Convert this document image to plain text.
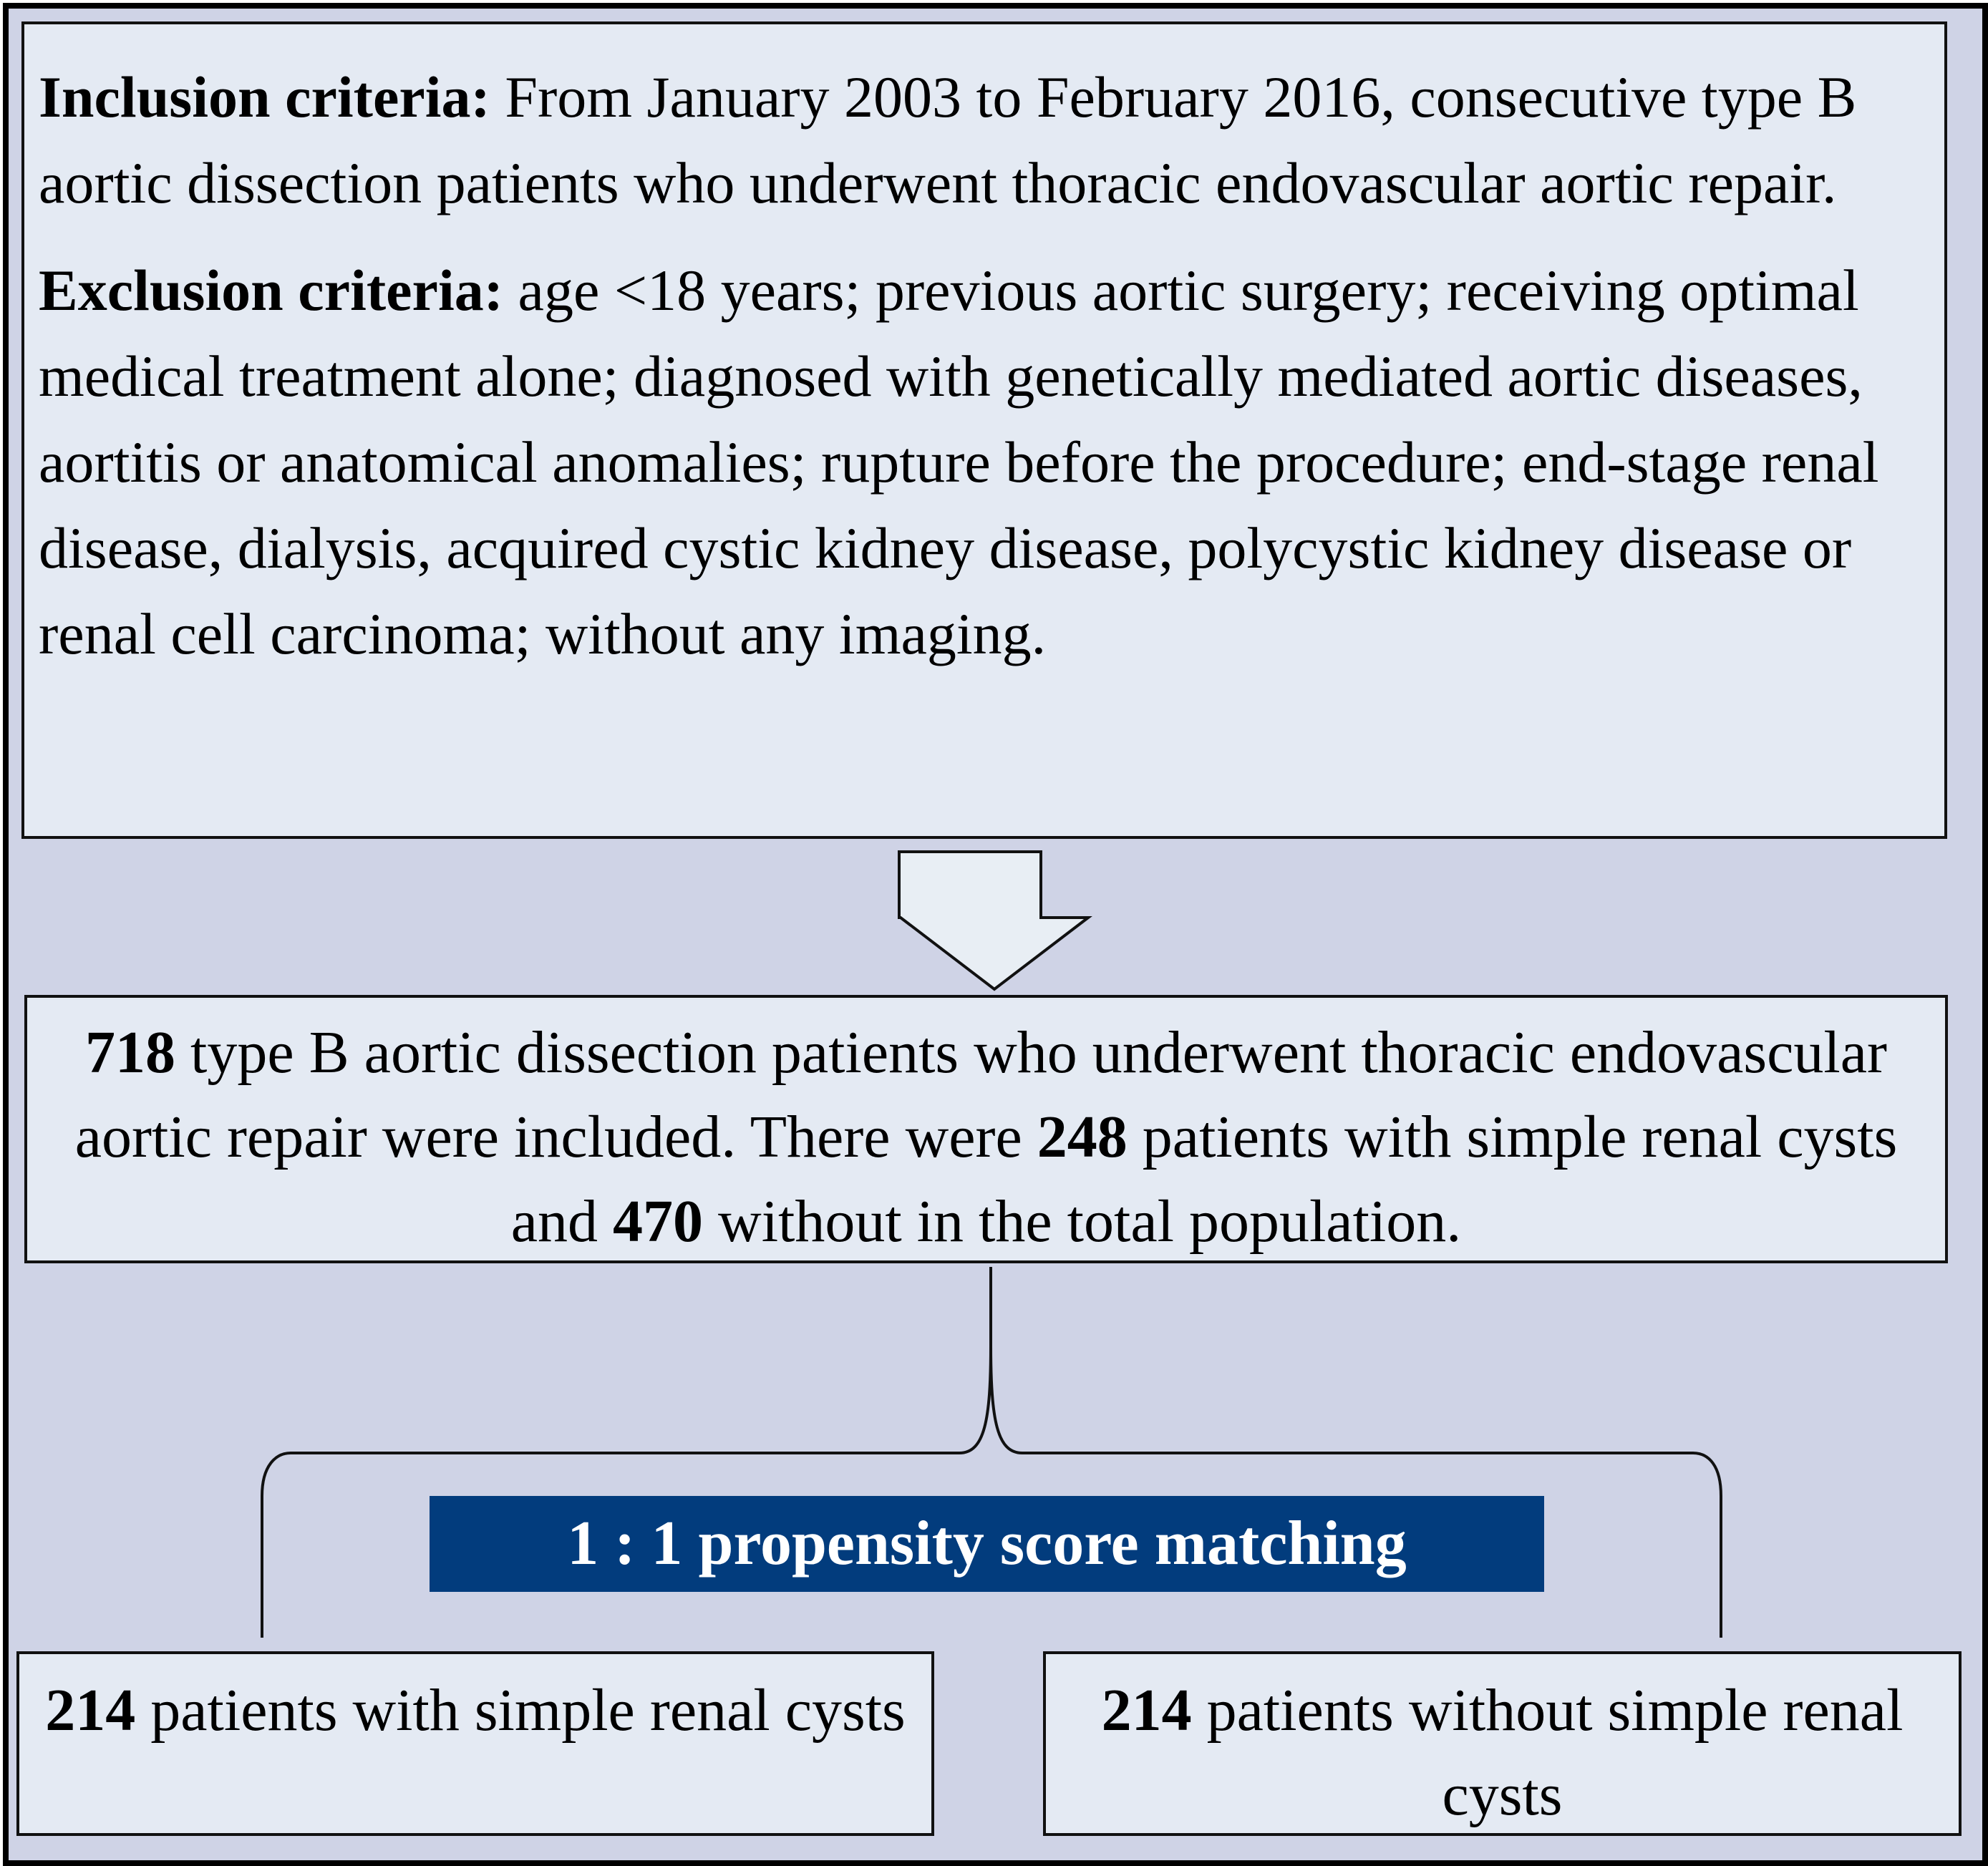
Inclusion criteria: From January 2003 to February 2016, consecutive type B aortic dissection patients who underwent thoracic endovascular aortic repair.

Exclusion criteria: age <18 years; previous aortic surgery; receiving optimal medical treatment alone; diagnosed with genetically mediated aortic diseases, aortitis or anatomical anomalies; rupture before the procedure; end-stage renal disease, dialysis, acquired cystic kidney disease, polycystic kidney disease or renal cell carcinoma; without any imaging.

718 type B aortic dissection patients who underwent thoracic endovascular aortic repair were included. There were 248 patients with simple renal cysts and 470 without in the total population.
1 : 1 propensity score matching
214 patients with simple renal cysts	214 patients without simple renal cysts
